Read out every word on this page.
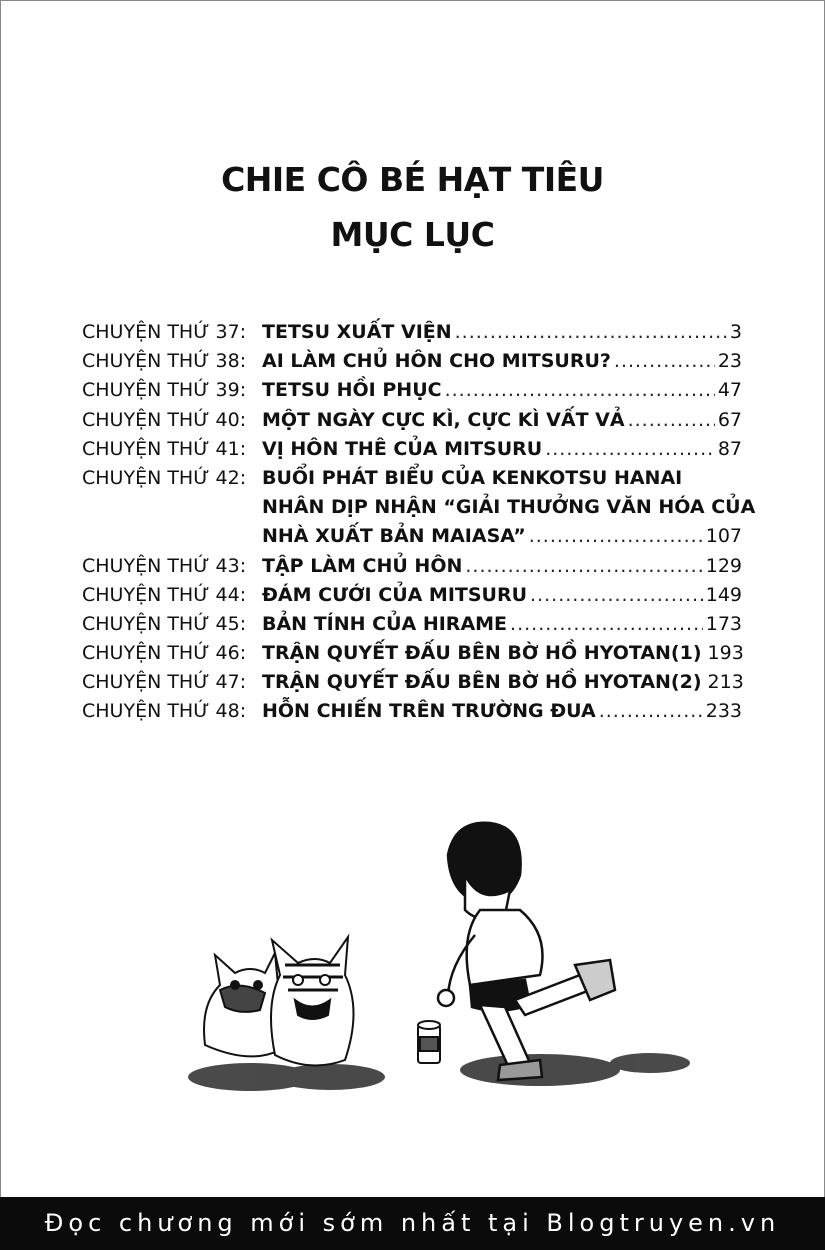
CHIE CÔ BÉ HẠT TIÊU
MỤC LỤC
CHUYỆN THỨ 37: TETSU XUẤT VIỆN .....	3
CHUYỆN THỨ 38: AI LÀM CHỦ HÔN CHO MITSURU? .....	23
CHUYỆN THỨ 39: TETSU HỒI PHỤC .....	47
CHUYỆN THỨ 40: MỘT NGÀY CỰC KÌ, CỰC KÌ VẤT VẢ .....	67
CHUYỆN THỨ 41: VỊ HÔN THÊ CỦA MITSURU .....	87
CHUYỆN THỨ 42: BUỔI PHÁT BIỂU CỦA KENKOTSU HANAI
NHÂN DỊP NHẬN “GIẢI THƯỞNG VĂN HÓA CỦA
NHÀ XUẤT BẢN MAIASA” .....	107
CHUYỆN THỨ 43: TẬP LÀM CHỦ HÔN .....	129
CHUYỆN THỨ 44: ĐÁM CƯỚI CỦA MITSURU .....	149
CHUYỆN THỨ 45: BẢN TÍNH CỦA HIRAME .....	173
CHUYỆN THỨ 46: TRẬN QUYẾT ĐẤU BÊN BỜ HỒ HYOTAN(1) 193
CHUYỆN THỨ 47: TRẬN QUYẾT ĐẤU BÊN BỜ HỒ HYOTAN(2) 213
CHUYỆN THỨ 48: HỖN CHIẾN TRÊN TRƯỜNG ĐUA .....	233
Đọc chương mới sớm nhất tại Blogtruyen.vn
